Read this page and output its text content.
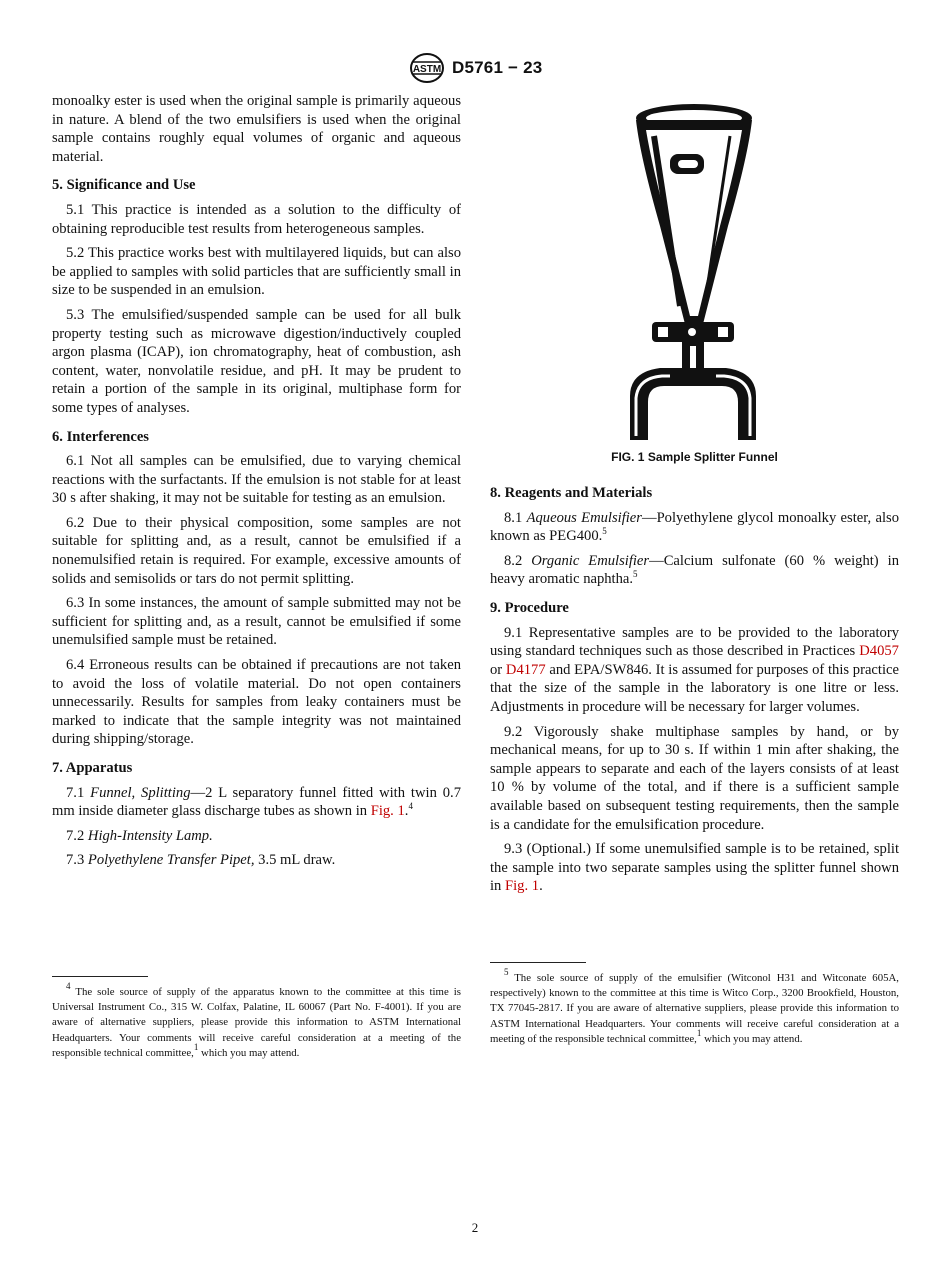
ASTM D5761 − 23

monoalky ester is used when the original sample is primarily aqueous in nature. A blend of the two emulsifiers is used when the original sample contains roughly equal volumes of organic and aqueous material.

5. Significance and Use

5.1 This practice is intended as a solution to the difficulty of obtaining reproducible test results from heterogeneous samples.

5.2 This practice works best with multilayered liquids, but can also be applied to samples with solid particles that are sufficiently small in size to be suspended in an emulsion.

5.3 The emulsified/suspended sample can be used for all bulk property testing such as microwave digestion/inductively coupled argon plasma (ICAP), ion chromatography, heat of combustion, ash content, water, nonvolatile residue, and pH. It may be prudent to retain a portion of the sample in its original, multiphase form for some types of analyses.

6. Interferences

6.1 Not all samples can be emulsified, due to varying chemical reactions with the surfactants. If the emulsion is not stable for at least 30 s after shaking, it may not be suitable for testing as an emulsion.

6.2 Due to their physical composition, some samples are not suitable for splitting and, as a result, cannot be emulsified if a nonemulsified retain is required. For example, excessive amounts of solids and semisolids or tars do not permit splitting.

6.3 In some instances, the amount of sample submitted may not be sufficient for splitting and, as a result, cannot be emulsified if some unemulsified sample must be retained.

6.4 Erroneous results can be obtained if precautions are not taken to avoid the loss of volatile material. Do not open containers unnecessarily. Results for samples from leaky containers must be marked to indicate that the sample integrity was not maintained during shipping/storage.

7. Apparatus

7.1 Funnel, Splitting—2 L separatory funnel fitted with twin 0.7 mm inside diameter glass discharge tubes as shown in Fig. 1.$^4$

7.2 High-Intensity Lamp.

7.3 Polyethylene Transfer Pipet, 3.5 mL draw.

FIG. 1 Sample Splitter Funnel
8. Reagents and Materials

8.1 Aqueous Emulsifier—Polyethylene glycol monoalky ester, also known as PEG400.$^5$

8.2 Organic Emulsifier—Calcium sulfonate (60 % weight) in heavy aromatic naphtha.$^5$

9. Procedure

9.1 Representative samples are to be provided to the laboratory using standard techniques such as those described in Practices D4057 or D4177 and EPA/SW846. It is assumed for purposes of this practice that the size of the sample in the laboratory is one litre or less. Adjustments in procedure will be necessary for larger volumes.

9.2 Vigorously shake multiphase samples by hand, or by mechanical means, for up to 30 s. If within 1 min after shaking, the sample appears to separate and each of the layers consists of at least 10 % by volume of the total, and if there is a sufficient sample available based on subsequent testing requirements, then the sample is a candidate for the emulsification procedure.

9.3 (Optional.) If some unemulsified sample is to be retained, split the sample into two separate samples using the splitter funnel shown in Fig. 1.

$^4$ The sole source of supply of the apparatus known to the committee at this time is Universal Instrument Co., 315 W. Colfax, Palatine, IL 60067 (Part No. F-4001). If you are aware of alternative suppliers, please provide this information to ASTM International Headquarters. Your comments will receive careful consideration at a meeting of the responsible technical committee,$^1$ which you may attend.

$^5$ The sole source of supply of the emulsifier (Witconol H31 and Witconate 605A, respectively) known to the committee at this time is Witco Corp., 3200 Brookfield, Houston, TX 77045-2817. If you are aware of alternative suppliers, please provide this information to ASTM International Headquarters. Your comments will receive careful consideration at a meeting of the responsible technical committee,$^1$ which you may attend.

2
